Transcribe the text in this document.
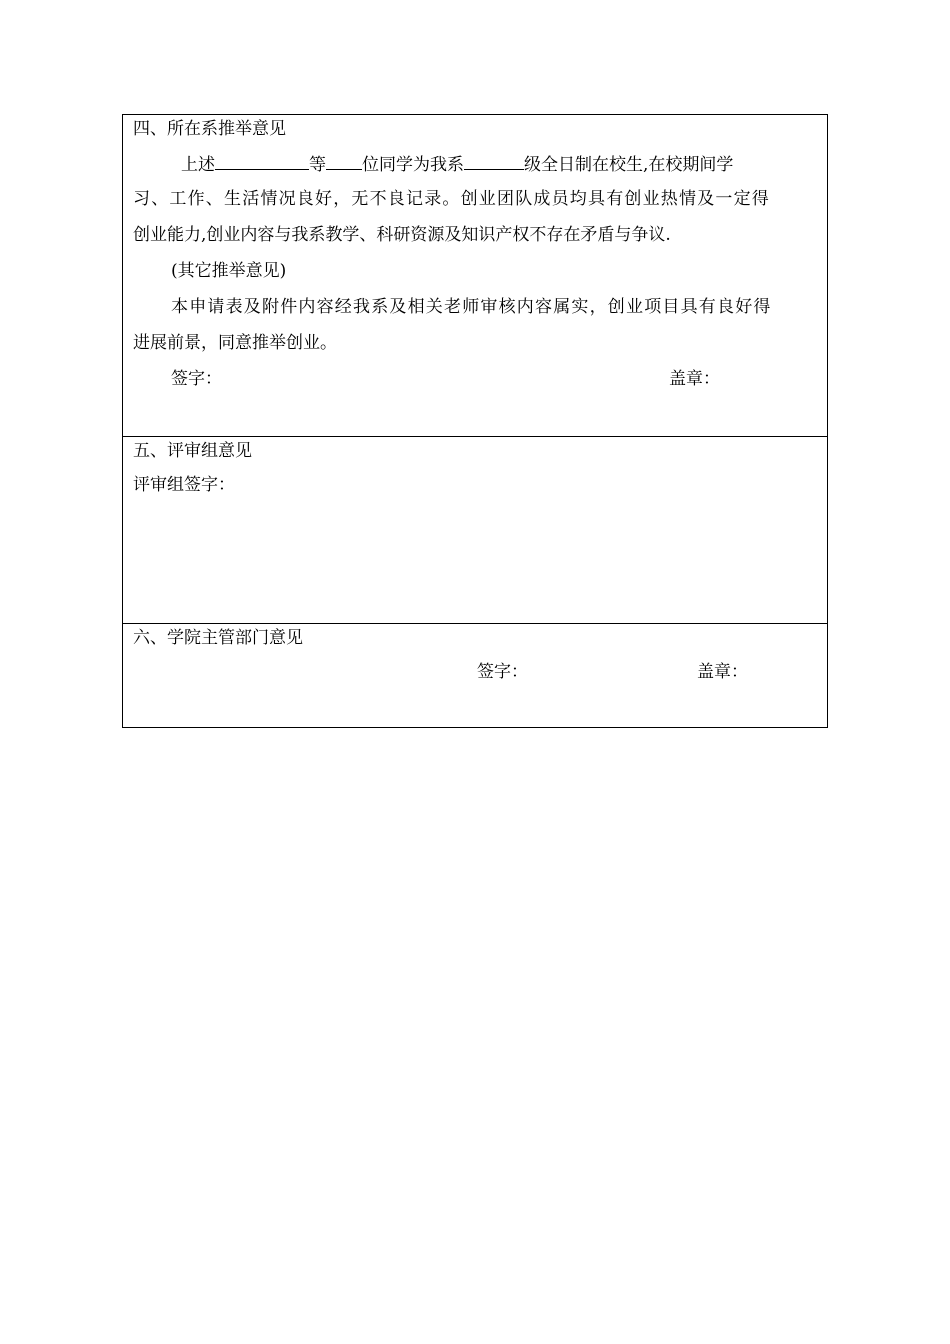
四、所在系推举意见
上述	等 位同学为我系	级全日制在校生,在校期间学
习、工作、生活情况良好，无不良记录。创业团队成员均具有创业热情及一定得
创业能力,创业内容与我系教学、科研资源及知识产权不存在矛盾与争议.
(其它推举意见)
本申请表及附件内容经我系及相关老师审核内容属实，创业项目具有良好得
进展前景，同意推举创业。
签字：	盖章：
五、评审组意见
评审组签字：
六、学院主管部门意见
签字：	盖章：
